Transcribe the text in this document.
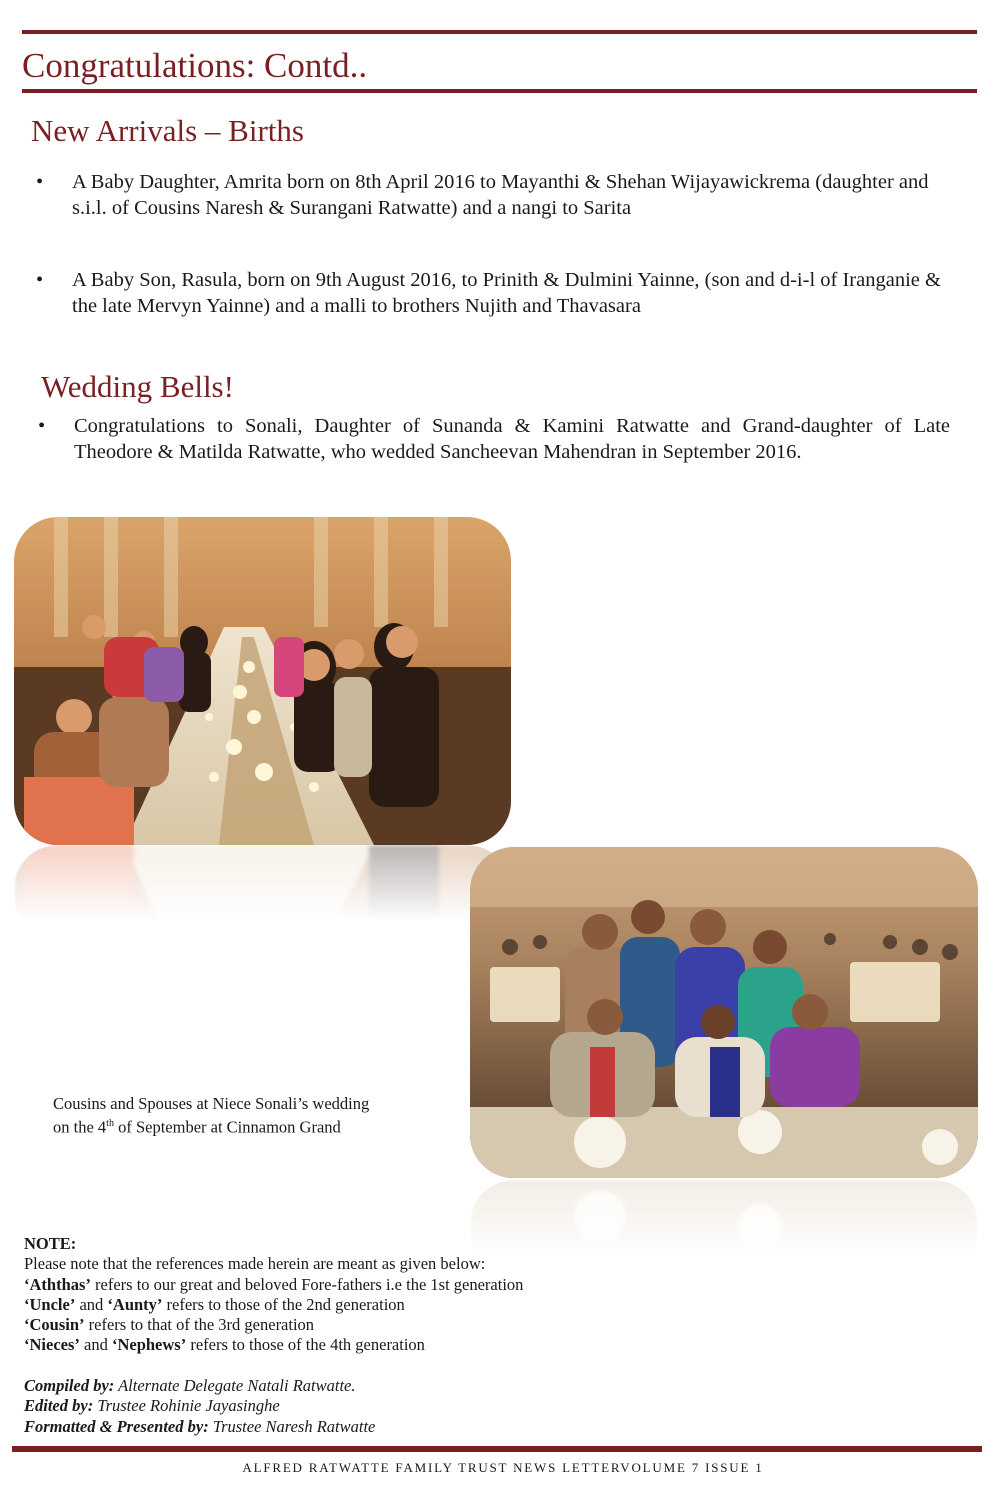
Congratulations: Contd..
New Arrivals – Births
• A Baby Daughter, Amrita born on 8th April 2016 to Mayanthi & Shehan Wijayawickrema (daughter and s.i.l. of Cousins Naresh & Surangani Ratwatte) and a nangi to Sarita
• A Baby Son, Rasula, born on 9th August 2016, to Prinith & Dulmini Yainne, (son and d-i-l of Iranganie & the late Mervyn Yainne) and a malli to brothers Nujith and Thavasara
Wedding Bells!
• Congratulations to Sonali, Daughter of Sunanda & Kamini Ratwatte and Grand-daughter of Late Theodore & Matilda Ratwatte, who wedded Sancheevan Mahendran in September 2016.
Cousins and Spouses at Niece Sonali’s wedding
on the 4th of September at Cinnamon Grand
NOTE:
Please note that the references made herein are meant as given below:
‘Aththas’ refers to our great and beloved Fore-fathers i.e the 1st generation
‘Uncle’ and ‘Aunty’ refers to those of the 2nd generation
‘Cousin’ refers to that of the 3rd generation
‘Nieces’ and ‘Nephews’ refers to those of the 4th generation
Compiled by: Alternate Delegate Natali Ratwatte.
Edited by: Trustee Rohinie Jayasinghe
Formatted & Presented by: Trustee Naresh Ratwatte
ALFRED RATWATTE FAMILY TRUST NEWS LETTERVOLUME 7 ISSUE 1
